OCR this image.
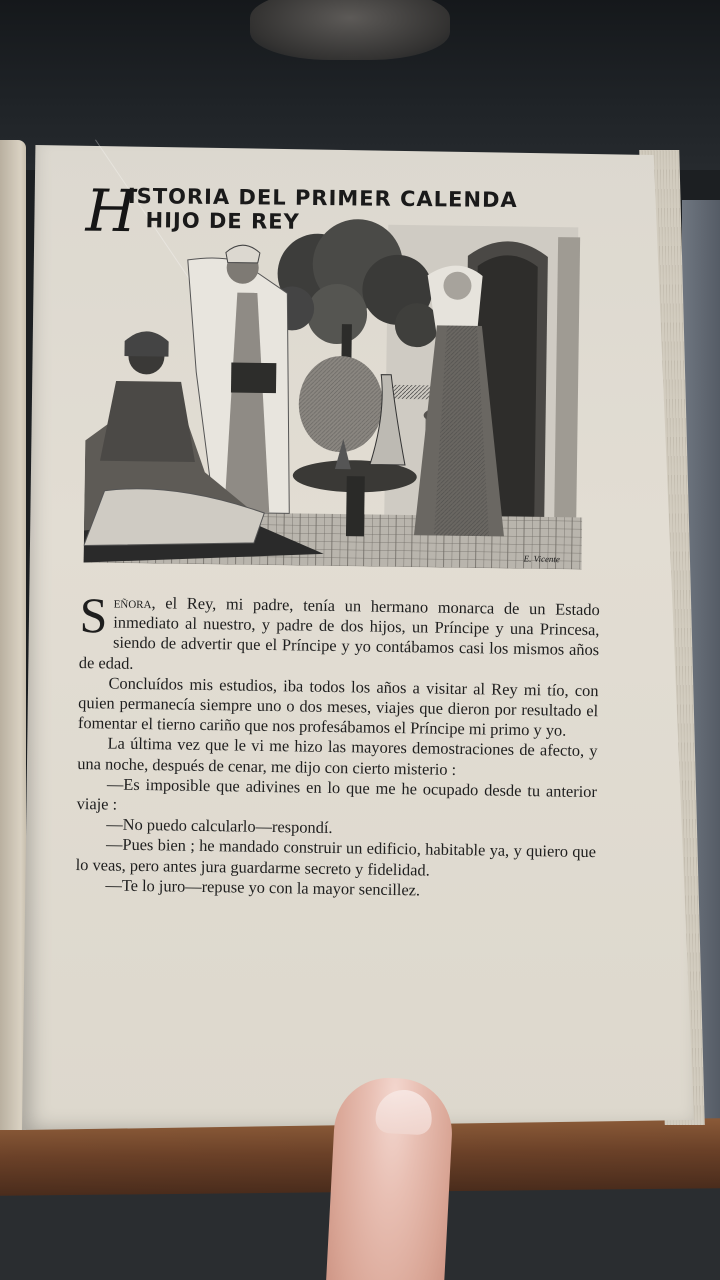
H
ISTORIA DEL PRIMER CALENDA
HIJO DE REY
E. Vicente

Señora, el Rey, mi padre, tenía un hermano monarca de un Estado inmediato al nuestro, y padre de dos hijos, un Príncipe y una Princesa, siendo de advertir que el Príncipe y yo contábamos casi los mismos años de edad.

Concluídos mis estudios, iba todos los años a visitar al Rey mi tío, con quien permanecía siempre uno o dos meses, viajes que dieron por resultado el fomentar el tierno cariño que nos profesábamos el Príncipe mi primo y yo.

La última vez que le vi me hizo las mayores demostraciones de afecto, y una noche, después de cenar, me dijo con cierto misterio :

—Es imposible que adivines en lo que me he ocupado desde tu anterior viaje :

—No puedo calcularlo—respondí.

—Pues bien ; he mandado construir un edificio, habitable ya, y quiero que lo veas, pero antes jura guardarme secreto y fidelidad.

—Te lo juro—repuse yo con la mayor sencillez.
